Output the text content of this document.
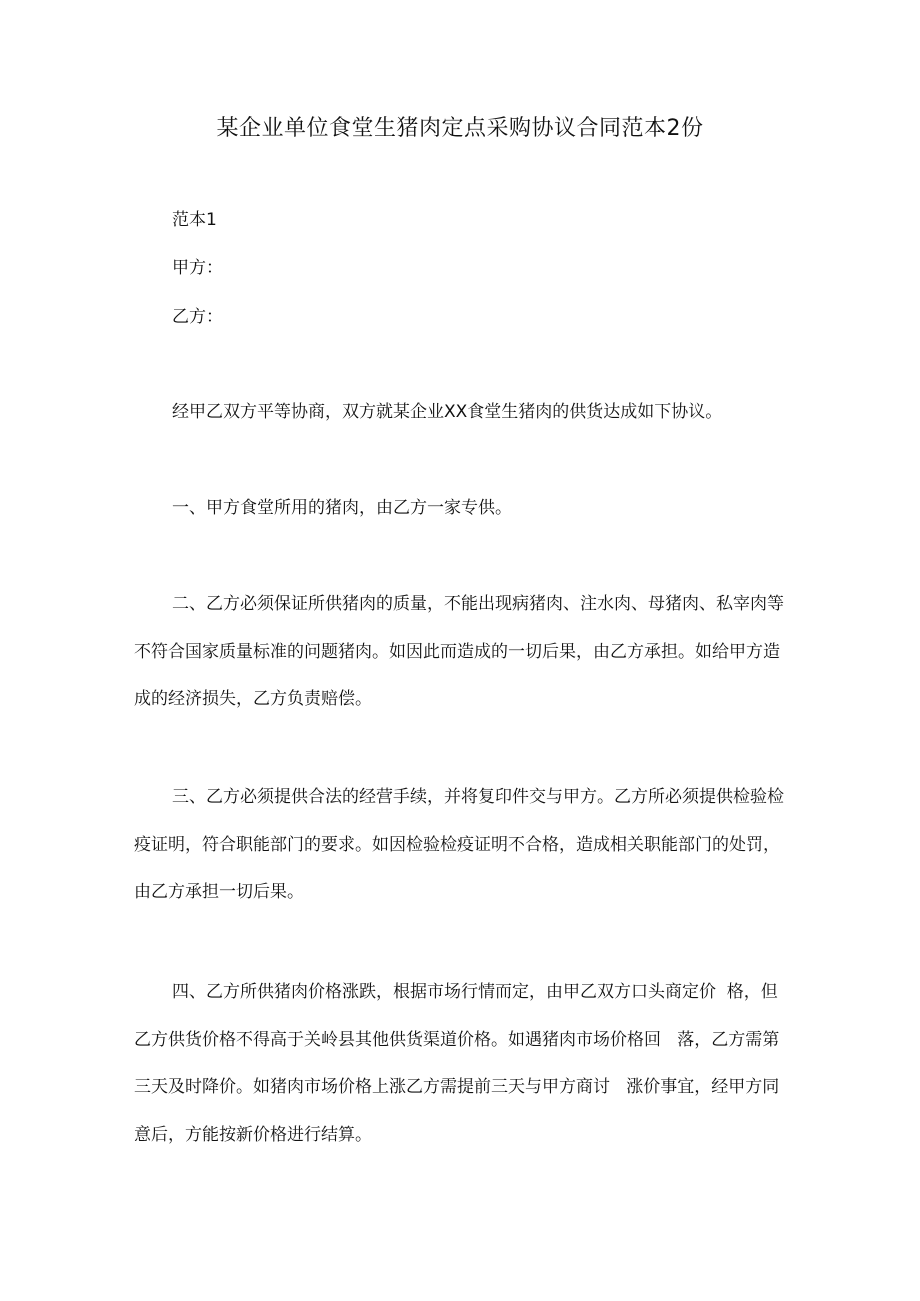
某企业单位食堂生猪肉定点采购协议合同范本2份
范本1
甲方：
乙方：
经甲乙双方平等协商，双方就某企业XX食堂生猪肉的供货达成如下协议。
一、甲方食堂所用的猪肉，由乙方一家专供。
二、乙方必须保证所供猪肉的质量，不能出现病猪肉、注水肉、母猪肉、私宰肉等不符合国家质量标准的问题猪肉。如因此而造成的一切后果，由乙方承担。如给甲方造成的经济损失，乙方负责赔偿。
三、乙方必须提供合法的经营手续，并将复印件交与甲方。乙方所必须提供检验检疫证明，符合职能部门的要求。如因检验检疫证明不合格，造成相关职能部门的处罚，由乙方承担一切后果。
四、乙方所供猪肉价格涨跌，根据市场行情而定，由甲乙双方口头商定价  格，但乙方供货价格不得高于关岭县其他供货渠道价格。如遇猪肉市场价格回   落，乙方需第三天及时降价。如猪肉市场价格上涨乙方需提前三天与甲方商讨   涨价事宜，经甲方同意后，方能按新价格进行结算。
